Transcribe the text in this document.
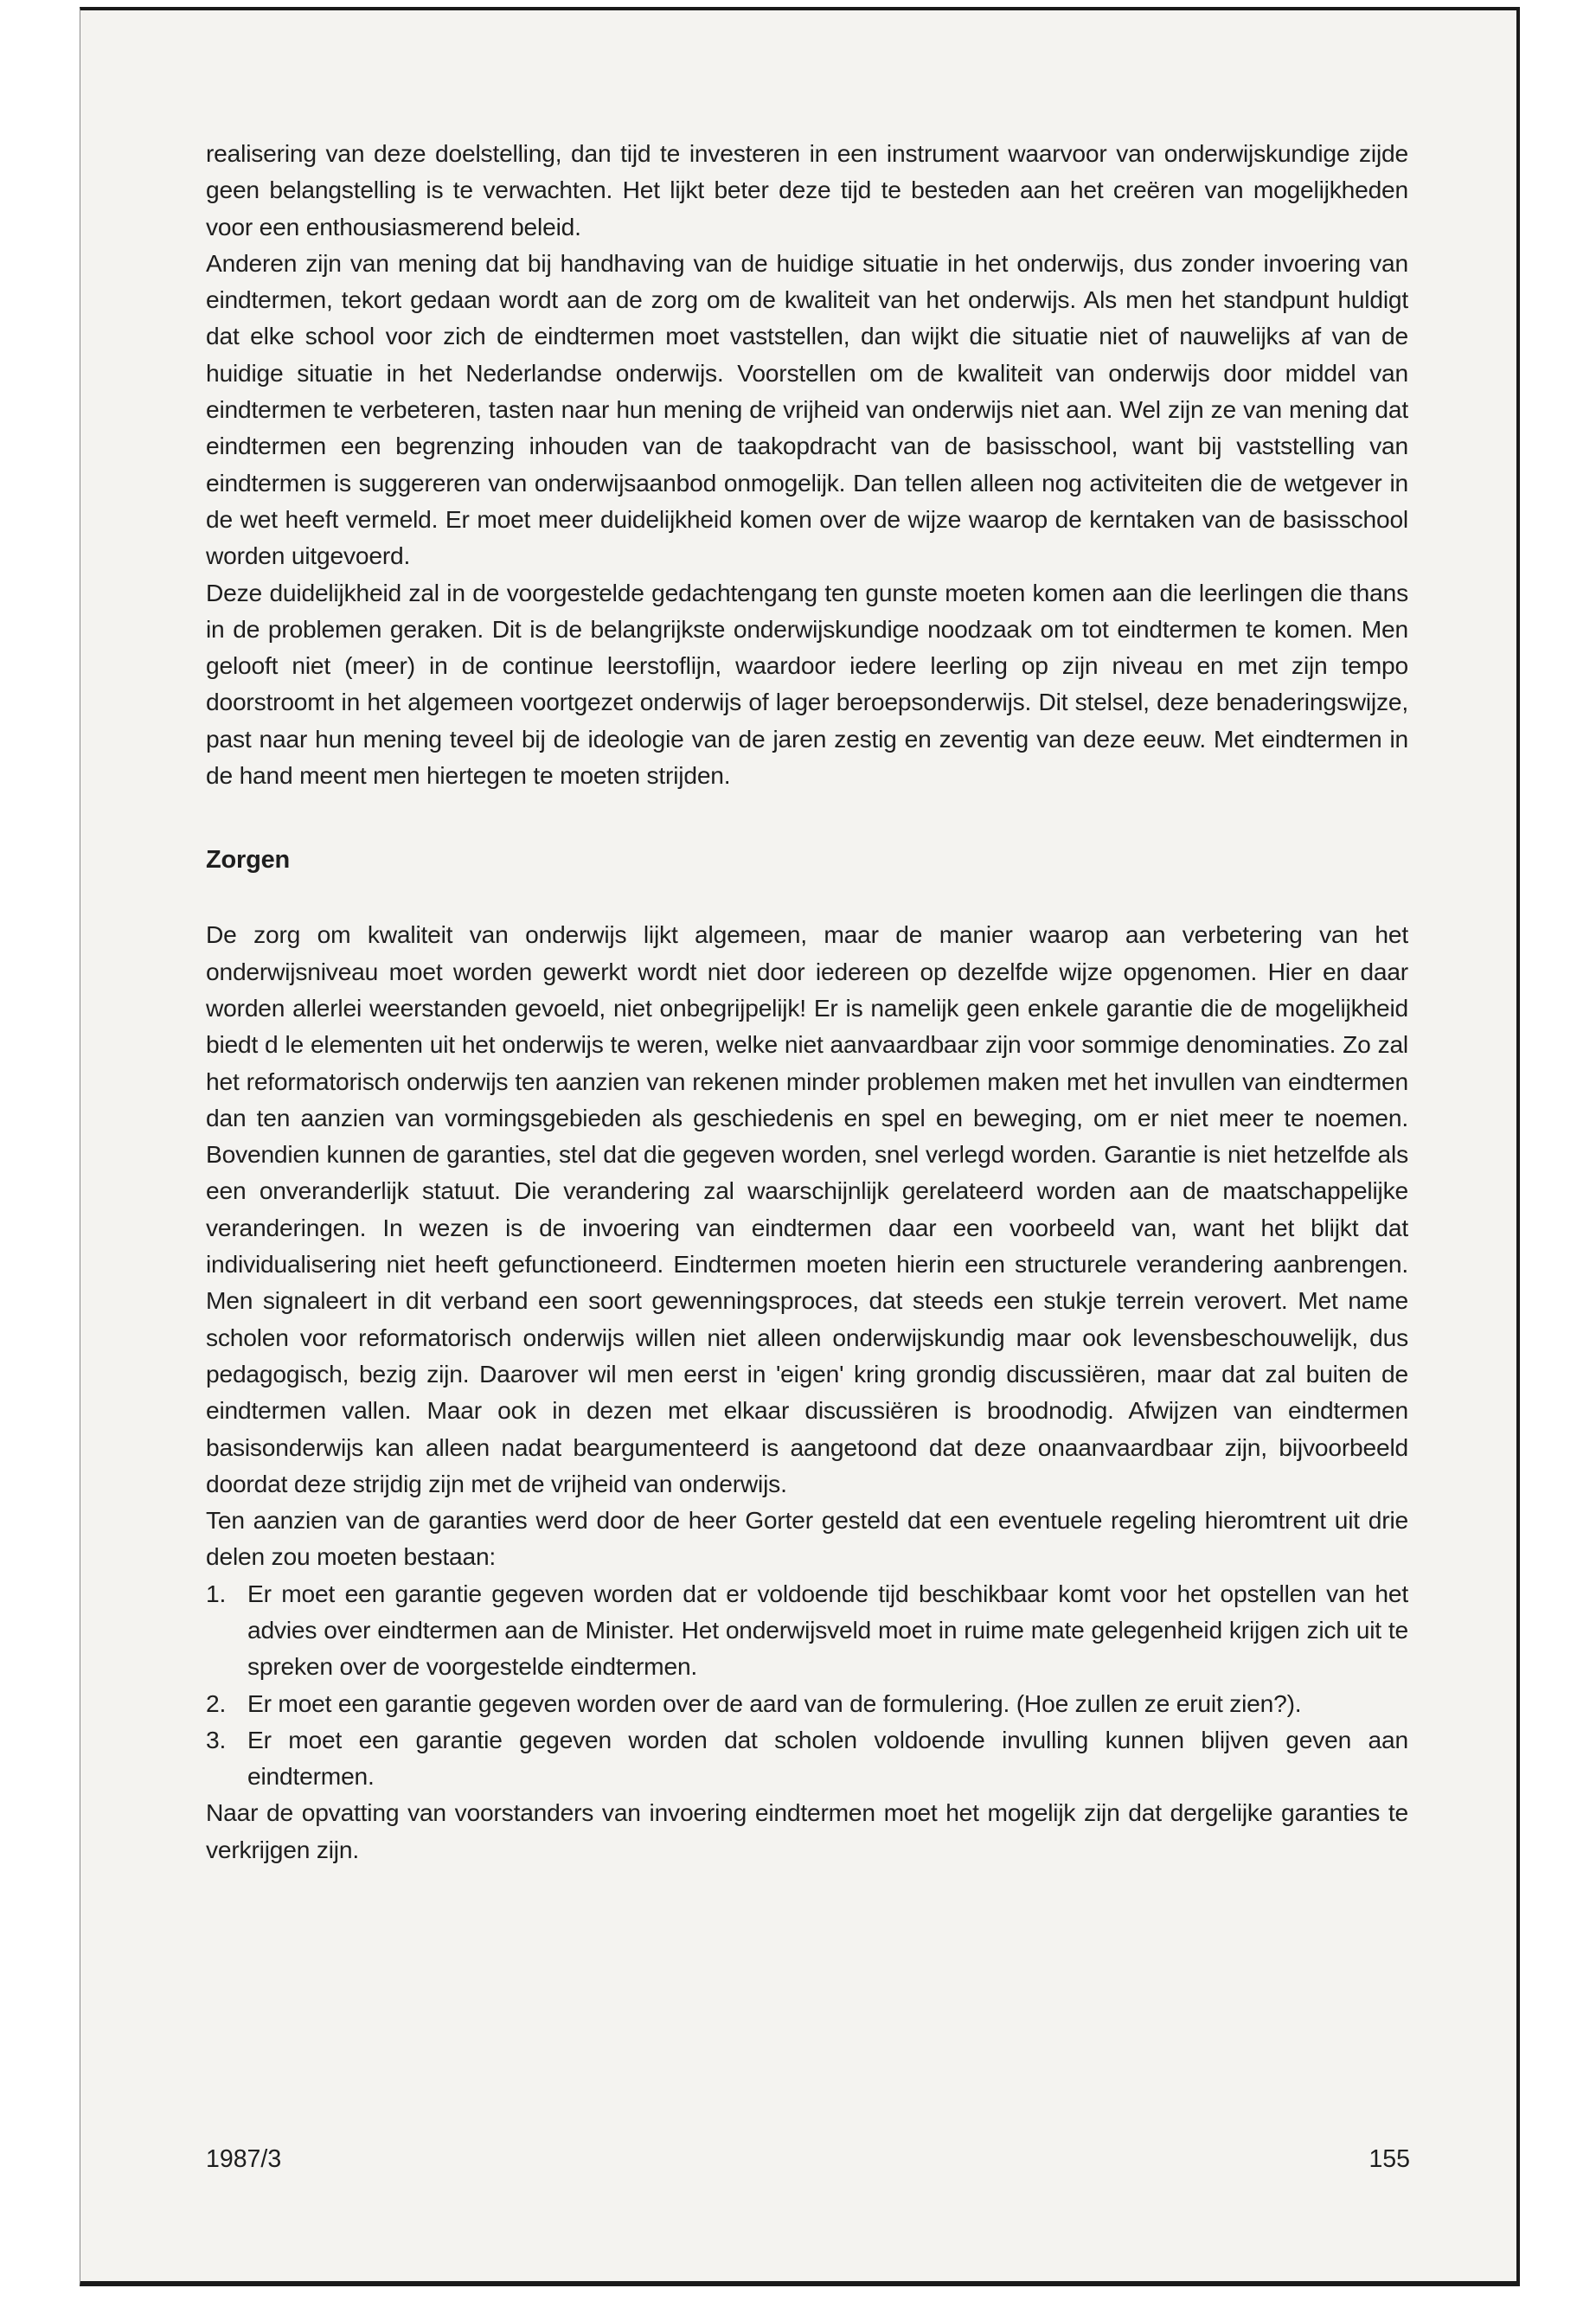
realisering van deze doelstelling, dan tijd te investeren in een instrument waarvoor van onderwijskundige zijde geen belangstelling is te verwachten. Het lijkt beter deze tijd te besteden aan het creëren van mogelijkheden voor een enthousiasmerend beleid.

Anderen zijn van mening dat bij handhaving van de huidige situatie in het onderwijs, dus zonder invoering van eindtermen, tekort gedaan wordt aan de zorg om de kwaliteit van het onderwijs. Als men het standpunt huldigt dat elke school voor zich de eindtermen moet vaststellen, dan wijkt die situatie niet of nauwelijks af van de huidige situatie in het Nederlandse onderwijs. Voorstellen om de kwaliteit van onderwijs door middel van eindtermen te verbeteren, tasten naar hun mening de vrijheid van onderwijs niet aan. Wel zijn ze van mening dat eindtermen een begrenzing inhouden van de taakopdracht van de basisschool, want bij vaststelling van eindtermen is suggereren van onderwijsaanbod onmogelijk. Dan tellen alleen nog activiteiten die de wetgever in de wet heeft vermeld. Er moet meer duidelijkheid komen over de wijze waarop de kerntaken van de basisschool worden uitgevoerd.

Deze duidelijkheid zal in de voorgestelde gedachtengang ten gunste moeten komen aan die leerlingen die thans in de problemen geraken. Dit is de belangrijkste onderwijskundige noodzaak om tot eindtermen te komen. Men gelooft niet (meer) in de continue leerstoflijn, waardoor iedere leerling op zijn niveau en met zijn tempo doorstroomt in het algemeen voortgezet onderwijs of lager beroepsonderwijs. Dit stelsel, deze benaderingswijze, past naar hun mening teveel bij de ideologie van de jaren zestig en zeventig van deze eeuw. Met eindtermen in de hand meent men hiertegen te moeten strijden.

Zorgen

De zorg om kwaliteit van onderwijs lijkt algemeen, maar de manier waarop aan verbetering van het onderwijsniveau moet worden gewerkt wordt niet door iedereen op dezelfde wijze opgenomen. Hier en daar worden allerlei weerstanden gevoeld, niet onbegrijpelijk! Er is namelijk geen enkele garantie die de mogelijkheid biedt d le elementen uit het onderwijs te weren, welke niet aanvaardbaar zijn voor sommige denominaties. Zo zal het reformatorisch onderwijs ten aanzien van rekenen minder problemen maken met het invullen van eindtermen dan ten aanzien van vormingsgebieden als geschiedenis en spel en beweging, om er niet meer te noemen. Bovendien kunnen de garanties, stel dat die gegeven worden, snel verlegd worden. Garantie is niet hetzelfde als een onveranderlijk statuut. Die verandering zal waarschijnlijk gerelateerd worden aan de maatschappelijke veranderingen. In wezen is de invoering van eindtermen daar een voorbeeld van, want het blijkt dat individualisering niet heeft gefunctioneerd. Eindtermen moeten hierin een structurele verandering aanbrengen. Men signaleert in dit verband een soort gewenningsproces, dat steeds een stukje terrein verovert. Met name scholen voor reformatorisch onderwijs willen niet alleen onderwijskundig maar ook levensbeschouwelijk, dus pedagogisch, bezig zijn. Daarover wil men eerst in 'eigen' kring grondig discussiëren, maar dat zal buiten de eindtermen vallen. Maar ook in dezen met elkaar discussiëren is broodnodig. Afwijzen van eindtermen basisonderwijs kan alleen nadat beargumenteerd is aangetoond dat deze onaanvaardbaar zijn, bijvoorbeeld doordat deze strijdig zijn met de vrijheid van onderwijs.

Ten aanzien van de garanties werd door de heer Gorter gesteld dat een eventuele regeling hieromtrent uit drie delen zou moeten bestaan:

1. Er moet een garantie gegeven worden dat er voldoende tijd beschikbaar komt voor het opstellen van het advies over eindtermen aan de Minister. Het onderwijsveld moet in ruime mate gelegenheid krijgen zich uit te spreken over de voorgestelde eindtermen.
2. Er moet een garantie gegeven worden over de aard van de formulering. (Hoe zullen ze eruit zien?).
3. Er moet een garantie gegeven worden dat scholen voldoende invulling kunnen blijven geven aan eindtermen.

Naar de opvatting van voorstanders van invoering eindtermen moet het mogelijk zijn dat dergelijke garanties te verkrijgen zijn.

1987/3	155
